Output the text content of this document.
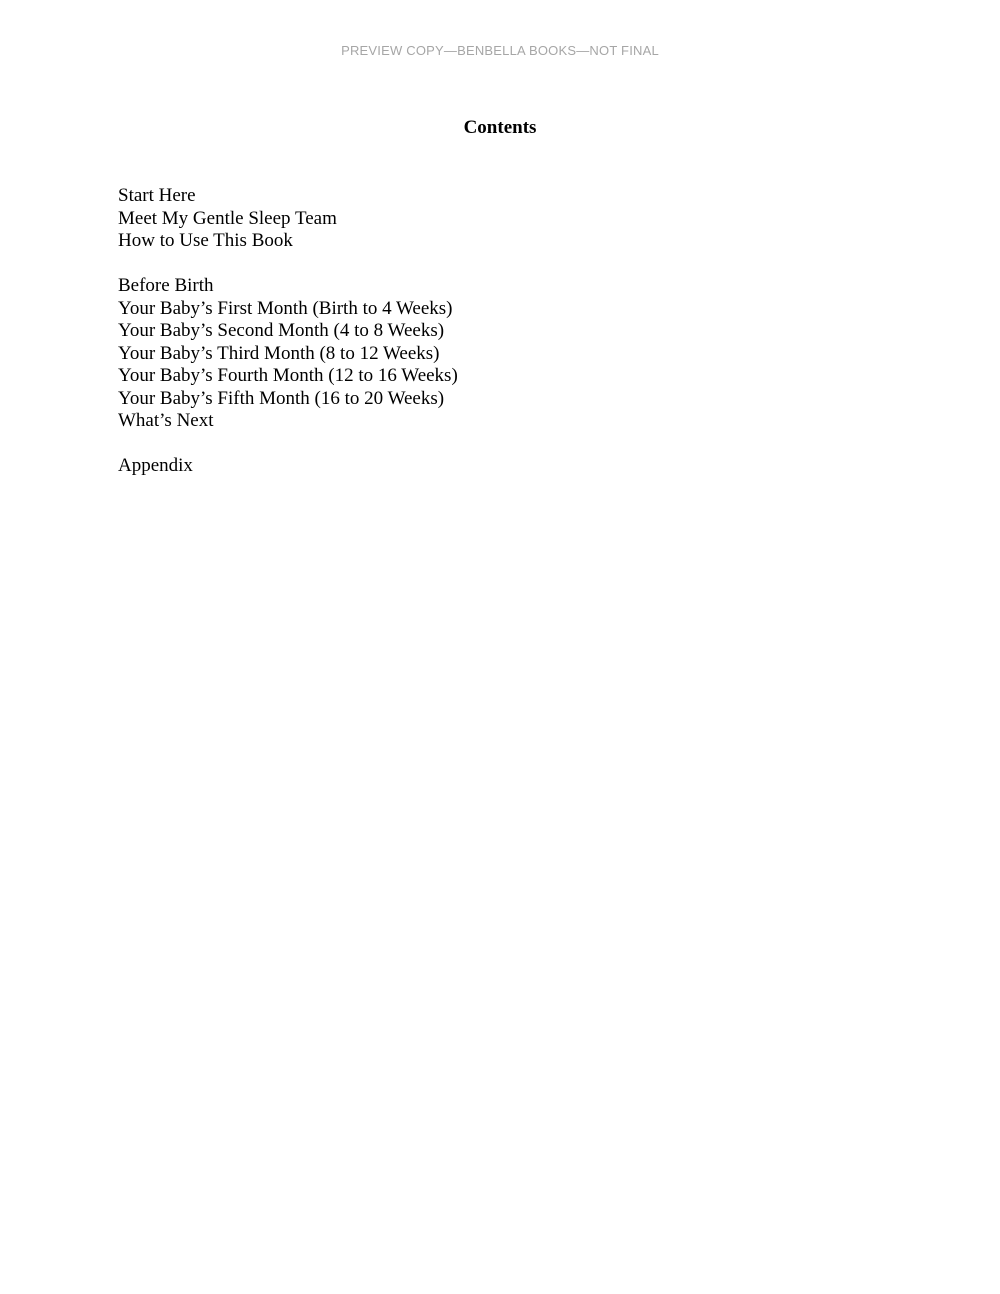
PREVIEW COPY—BENBELLA BOOKS—NOT FINAL
Contents
Start Here
Meet My Gentle Sleep Team
How to Use This Book
Before Birth
Your Baby’s First Month (Birth to 4 Weeks)
Your Baby’s Second Month (4 to 8 Weeks)
Your Baby’s Third Month (8 to 12 Weeks)
Your Baby’s Fourth Month (12 to 16 Weeks)
Your Baby’s Fifth Month (16 to 20 Weeks)
What’s Next
Appendix
